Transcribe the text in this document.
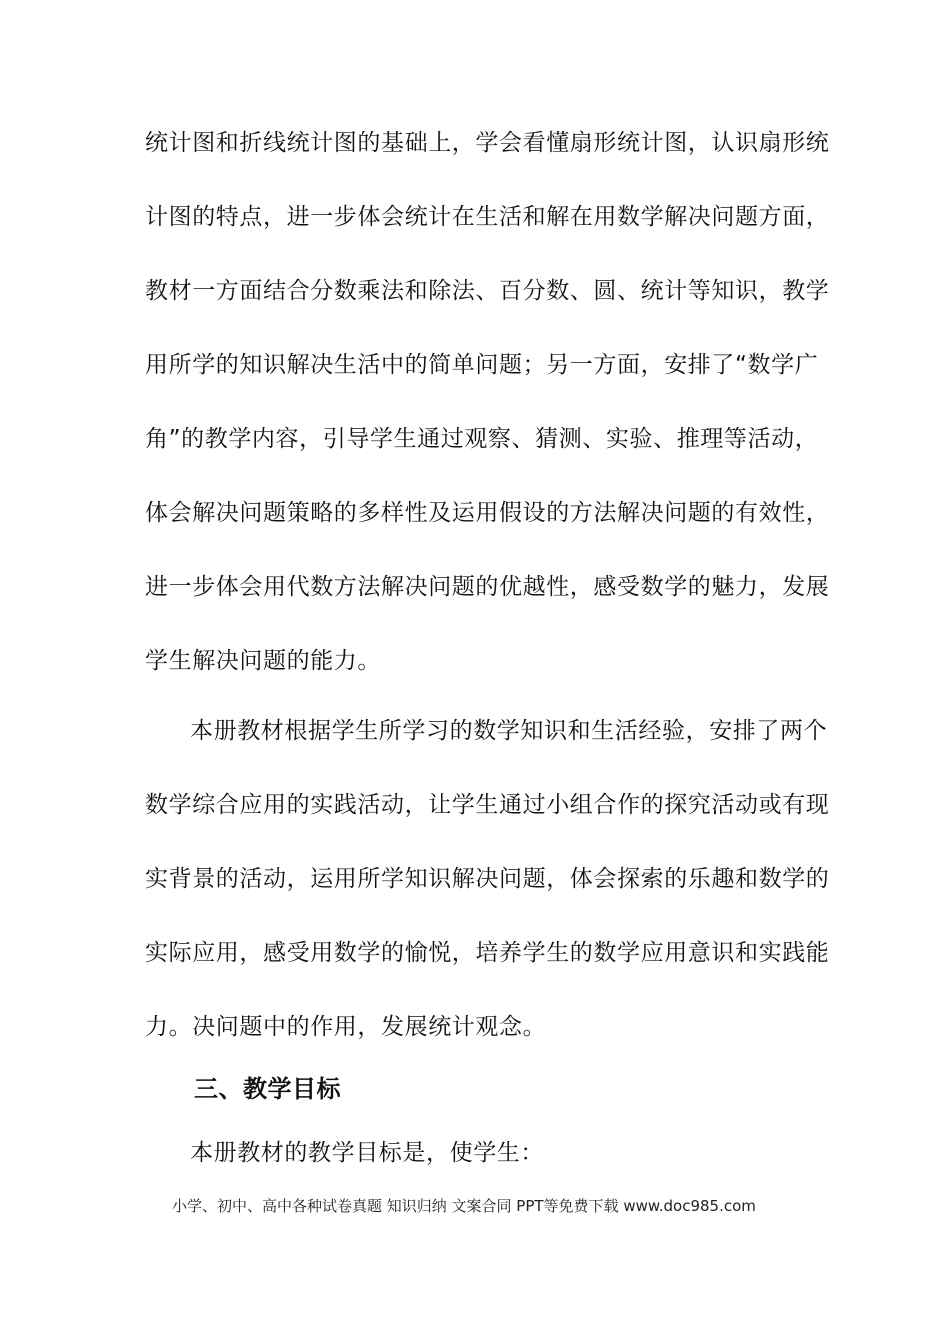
统计图和折线统计图的基础上，学会看懂扇形统计图，认识扇形统
计图的特点，进一步体会统计在生活和解在用数学解决问题方面，
教材一方面结合分数乘法和除法、百分数、圆、统计等知识，教学
用所学的知识解决生活中的简单问题；另一方面，安排了“数学广
角”的教学内容，引导学生通过观察、猜测、实验、推理等活动，
体会解决问题策略的多样性及运用假设的方法解决问题的有效性，
进一步体会用代数方法解决问题的优越性，感受数学的魅力，发展
学生解决问题的能力。
本册教材根据学生所学习的数学知识和生活经验，安排了两个
数学综合应用的实践活动，让学生通过小组合作的探究活动或有现
实背景的活动，运用所学知识解决问题，体会探索的乐趣和数学的
实际应用，感受用数学的愉悦，培养学生的数学应用意识和实践能
力。决问题中的作用，发展统计观念。
三、教学目标
本册教材的教学目标是，使学生：
小学、初中、高中各种试卷真题 知识归纳 文案合同 PPT等免费下载 www.doc985.com
